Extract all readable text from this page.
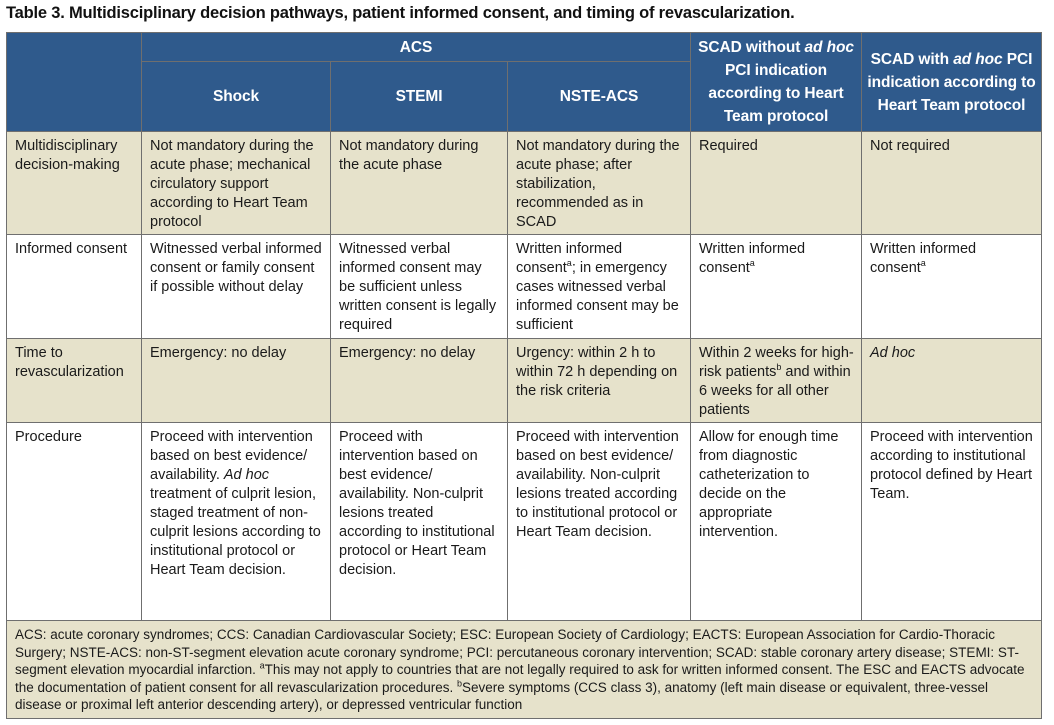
Table 3. Multidisciplinary decision pathways, patient informed consent, and timing of revascularization.
	ACS			SCAD without ad hoc PCI indication according to Heart Team protocol	SCAD with ad hoc PCI indication according to Heart Team protocol
	Shock	STEMI	NSTE-ACS		
Multidisciplinary decision-making	Not mandatory during the acute phase; mechanical circulatory support according to Heart Team protocol	Not mandatory during the acute phase	Not mandatory during the acute phase; after stabilization, recommended as in SCAD	Required	Not required
Informed consent	Witnessed verbal informed consent or family consent if possible without delay	Witnessed verbal informed consent may be sufficient unless written consent is legally required	Written informed consent$^a$; in emergency cases witnessed verbal informed consent may be sufficient	Written informed consent$^a$	Written informed consent$^a$
Time to revascularization	Emergency: no delay	Emergency: no delay	Urgency: within 2 h to within 72 h depending on the risk criteria	Within 2 weeks for high-risk patients$^b$ and within 6 weeks for all other patients	Ad hoc
Procedure	Proceed with intervention based on best evidence/ availability. Ad hoc treatment of culprit lesion, staged treatment of non-culprit lesions according to institutional protocol or Heart Team decision.	Proceed with intervention based on best evidence/ availability. Non-culprit lesions treated according to institutional protocol or Heart Team decision.	Proceed with intervention based on best evidence/ availability. Non-culprit lesions treated according to institutional protocol or Heart Team decision.	Allow for enough time from diagnostic catheterization to decide on the appropriate intervention.	Proceed with intervention according to institutional protocol defined by Heart Team.
ACS: acute coronary syndromes; CCS: Canadian Cardiovascular Society; ESC: European Society of Cardiology; EACTS: European Association for Cardio-Thoracic Surgery; NSTE-ACS: non-ST-segment elevation acute coronary syndrome; PCI: percutaneous coronary intervention; SCAD: stable coronary artery disease; STEMI: ST-segment elevation myocardial infarction. $^a$This may not apply to countries that are not legally required to ask for written informed consent. The ESC and EACTS advocate the documentation of patient consent for all revascularization procedures. $^b$Severe symptoms (CCS class 3), anatomy (left main disease or equivalent, three-vessel disease or proximal left anterior descending artery), or depressed ventricular function					
